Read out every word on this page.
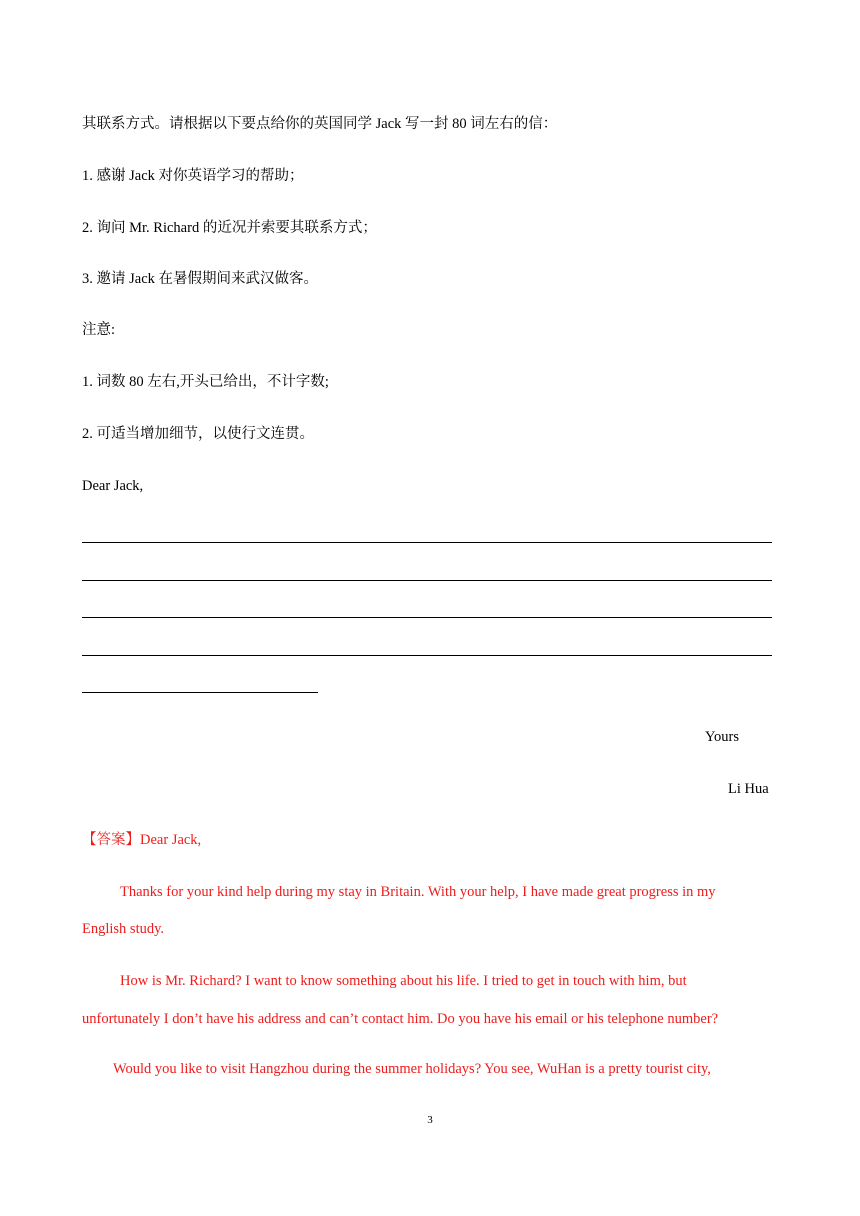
其联系方式。请根据以下要点给你的英国同学 Jack 写一封 80 词左右的信：
1. 感谢 Jack 对你英语学习的帮助；
2. 询问 Mr. Richard 的近况并索要其联系方式；
3. 邀请 Jack 在暑假期间来武汉做客。
注意:
1. 词数 80 左右,开头已给出，不计字数;
2. 可适当增加细节，以使行文连贯。
Dear Jack,
Yours
Li Hua
【答案】Dear Jack,
Thanks for your kind help during my stay in Britain. With your help, I have made great progress in my
English study.
How is Mr. Richard? I want to know something about his life. I tried to get in touch with him, but
unfortunately I don’t have his address and can’t contact him. Do you have his email or his telephone number?
Would you like to visit Hangzhou during the summer holidays? You see, WuHan is a pretty tourist city,
3
